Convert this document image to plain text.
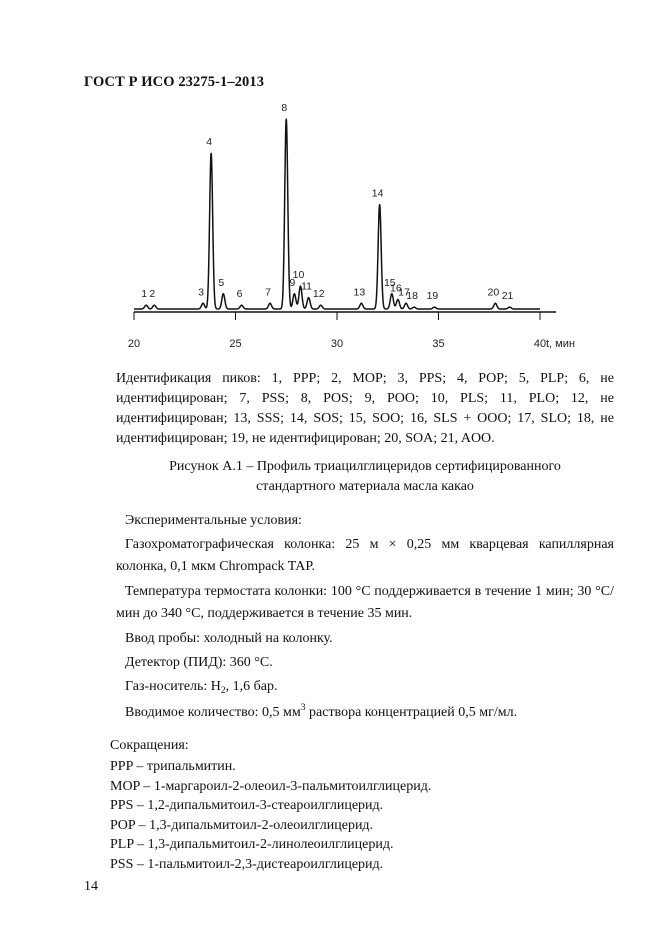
ГОСТ Р ИСО 23275-1–2013
20	25	30	35	40 t, мин
1 2	3
4
5
6 7
8
9
10
11
12	13
14
15
16
17
18 19	20 21
Идентификация пиков: 1, PPP; 2, MOP; 3, PPS; 4, POP; 5, PLP; 6, не идентифицирован; 7, PSS; 8, POS; 9, POO; 10, PLS; 11, PLO; 12, не идентифицирован; 13, SSS; 14, SOS; 15, SOO; 16, SLS + OOO; 17, SLO; 18, не идентифицирован; 19, не идентифицирован; 20, SOA; 21, AOO.
Рисунок А.1 – Профиль триацилглицеридов сертифицированного
стандартного материала масла какао
Экспериментальные условия:
Газохроматографическая колонка: 25 м × 0,25 мм кварцевая капиллярная колонка, 0,1 мкм Chrompack TAP.
Температура термостата колонки: 100 °С поддерживается в течение 1 мин; 30 °С/мин до 340 °С, поддерживается в течение 35 мин.
Ввод пробы: холодный на колонку.
Детектор (ПИД): 360 °С.
Газ-носитель: $H_2$, 1,6 бар.
Вводимое количество: 0,5 $мм^3$ раствора концентрацией 0,5 мг/мл.
Сокращения:
PPP – трипальмитин.
MOP – 1-маргароил-2-олеоил-3-пальмитоилглицерид.
PPS – 1,2-дипальмитоил-3-стеароилглицерид.
POP – 1,3-дипальмитоил-2-олеоилглицерид.
PLP – 1,3-дипальмитоил-2-линолеоилглицерид.
PSS – 1-пальмитоил-2,3-дистеароилглицерид.
14
